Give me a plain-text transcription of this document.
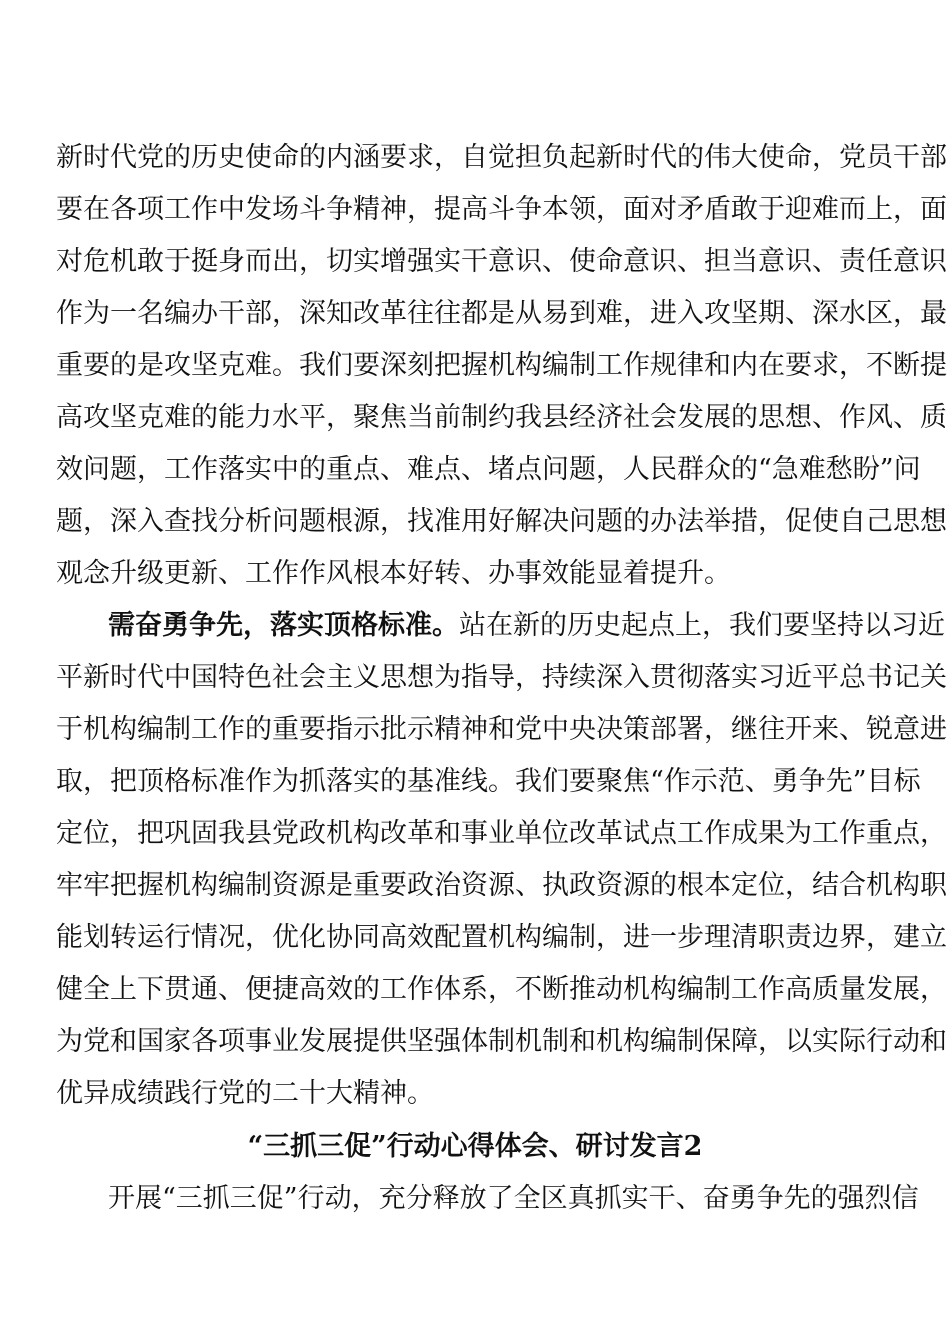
新时代党的历史使命的内涵要求，自觉担负起新时代的伟大使命，党员干部
要在各项工作中发场斗争精神，提高斗争本领，面对矛盾敢于迎难而上，面
对危机敢于挺身而出，切实增强实干意识、使命意识、担当意识、责任意识
作为一名编办干部，深知改革往往都是从易到难，进入攻坚期、深水区，最
重要的是攻坚克难。我们要深刻把握机构编制工作规律和内在要求，不断提
高攻坚克难的能力水平，聚焦当前制约我县经济社会发展的思想、作风、质
效问题，工作落实中的重点、难点、堵点问题，人民群众的“急难愁盼”问
题，深入查找分析问题根源，找准用好解决问题的办法举措，促使自己思想
观念升级更新、工作作风根本好转、办事效能显着提升。
需奋勇争先，落实顶格标准。站在新的历史起点上，我们要坚持以习近
平新时代中国特色社会主义思想为指导，持续深入贯彻落实习近平总书记关
于机构编制工作的重要指示批示精神和党中央决策部署，继往开来、锐意进
取，把顶格标准作为抓落实的基准线。我们要聚焦“作示范、勇争先”目标
定位，把巩固我县党政机构改革和事业单位改革试点工作成果为工作重点，
牢牢把握机构编制资源是重要政治资源、执政资源的根本定位，结合机构职
能划转运行情况，优化协同高效配置机构编制，进一步理清职责边界，建立
健全上下贯通、便捷高效的工作体系，不断推动机构编制工作高质量发展，
为党和国家各项事业发展提供坚强体制机制和机构编制保障，以实际行动和
优异成绩践行党的二十大精神。
“三抓三促”行动心得体会、研讨发言2
开展“三抓三促”行动，充分释放了全区真抓实干、奋勇争先的强烈信
